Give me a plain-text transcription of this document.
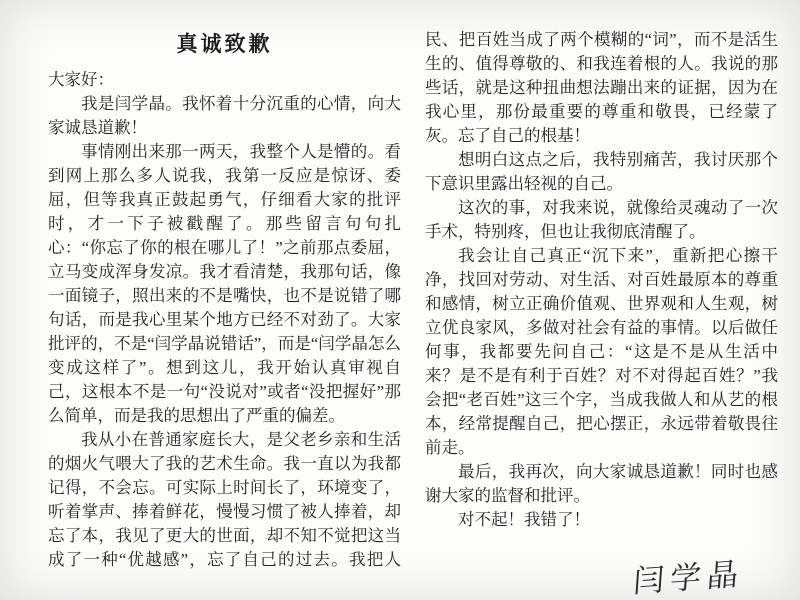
真诚致歉
大家好：

我是闫学晶。我怀着十分沉重的心情，向大家诚恳道歉！

事情刚出来那一两天，我整个人是懵的。看到网上那么多人说我，我第一反应是惊讶、委屈，但等我真正鼓起勇气，仔细看大家的批评时，才一下子被戳醒了。那些留言句句扎心：“你忘了你的根在哪儿了！”之前那点委屈，立马变成浑身发凉。我才看清楚，我那句话，像一面镜子，照出来的不是嘴快，也不是说错了哪句话，而是我心里某个地方已经不对劲了。大家批评的，不是“闫学晶说错话”，而是“闫学晶怎么变成这样了”。想到这儿，我开始认真审视自己，这根本不是一句“没说对”或者“没把握好”那么简单，而是我的思想出了严重的偏差。

我从小在普通家庭长大，是父老乡亲和生活的烟火气喂大了我的艺术生命。我一直以为我都记得，不会忘。可实际上时间长了，环境变了，听着掌声、捧着鲜花，慢慢习惯了被人捧着，却忘了本，我见了更大的世面，却不知不觉把这当成了一种“优越感”，忘了自己的过去。我把人民、把百姓当成了两个模糊的“词”，而不是活生生的、值得尊敬的、和我连着根的人。我说的那些话，就是这种扭曲想法蹦出来的证据，因为在我心里，那份最重要的尊重和敬畏，已经蒙了灰。忘了自己的根基！

想明白这点之后，我特别痛苦，我讨厌那个下意识里露出轻视的自己。

这次的事，对我来说，就像给灵魂动了一次手术，特别疼，但也让我彻底清醒了。

我会让自己真正“沉下来”，重新把心擦干净，找回对劳动、对生活、对百姓最原本的尊重和感情，树立正确价值观、世界观和人生观，树立优良家风，多做对社会有益的事情。以后做任何事，我都要先问自己：“这是不是从生活中来？是不是有利于百姓？对不对得起百姓？”我会把“老百姓”这三个字，当成我做人和从艺的根本，经常提醒自己，把心摆正，永远带着敬畏往前走。

最后，我再次，向大家诚恳道歉！同时也感谢大家的监督和批评。

对不起！我错了！

闫学晶
